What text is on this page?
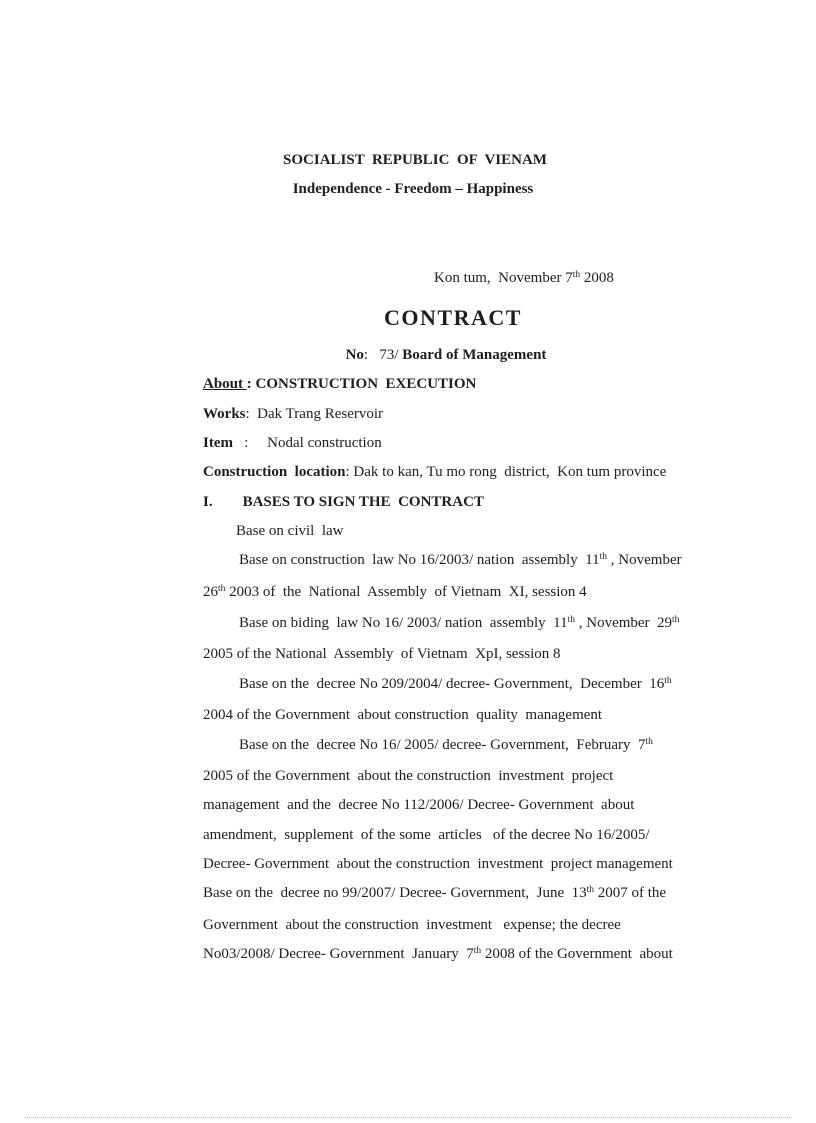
SOCIALIST  REPUBLIC  OF  VIENAM
Independence - Freedom – Happiness
Kon tum,  November 7th 2008
CONTRACT
No:   73/ Board of Management
About : CONSTRUCTION  EXECUTION
Works:  Dak Trang Reservoir
Item   :     Nodal construction
Construction  location: Dak to kan, Tu mo rong  district,  Kon tum province
I.        BASES TO SIGN THE  CONTRACT
Base on civil  law
Base on construction  law No 16/2003/ nation  assembly  11th , November
26th 2003 of  the  National  Assembly  of Vietnam  XI, session 4
Base on biding  law No 16/ 2003/ nation  assembly  11th , November  29th
2005 of the National  Assembly  of Vietnam  XpI, session 8
Base on the  decree No 209/2004/ decree- Government,  December  16th
2004 of the Government  about construction  quality  management
Base on the  decree No 16/ 2005/ decree- Government,  February  7th
2005 of the Government  about the construction  investment  project
management  and the  decree No 112/2006/ Decree- Government  about
amendment,  supplement  of the some  articles   of the decree No 16/2005/
Decree- Government  about the construction  investment  project management
Base on the  decree no 99/2007/ Decree- Government,  June  13th 2007 of the
Government  about the construction  investment   expense; the decree
No03/2008/ Decree- Government  January  7th 2008 of the Government  about
